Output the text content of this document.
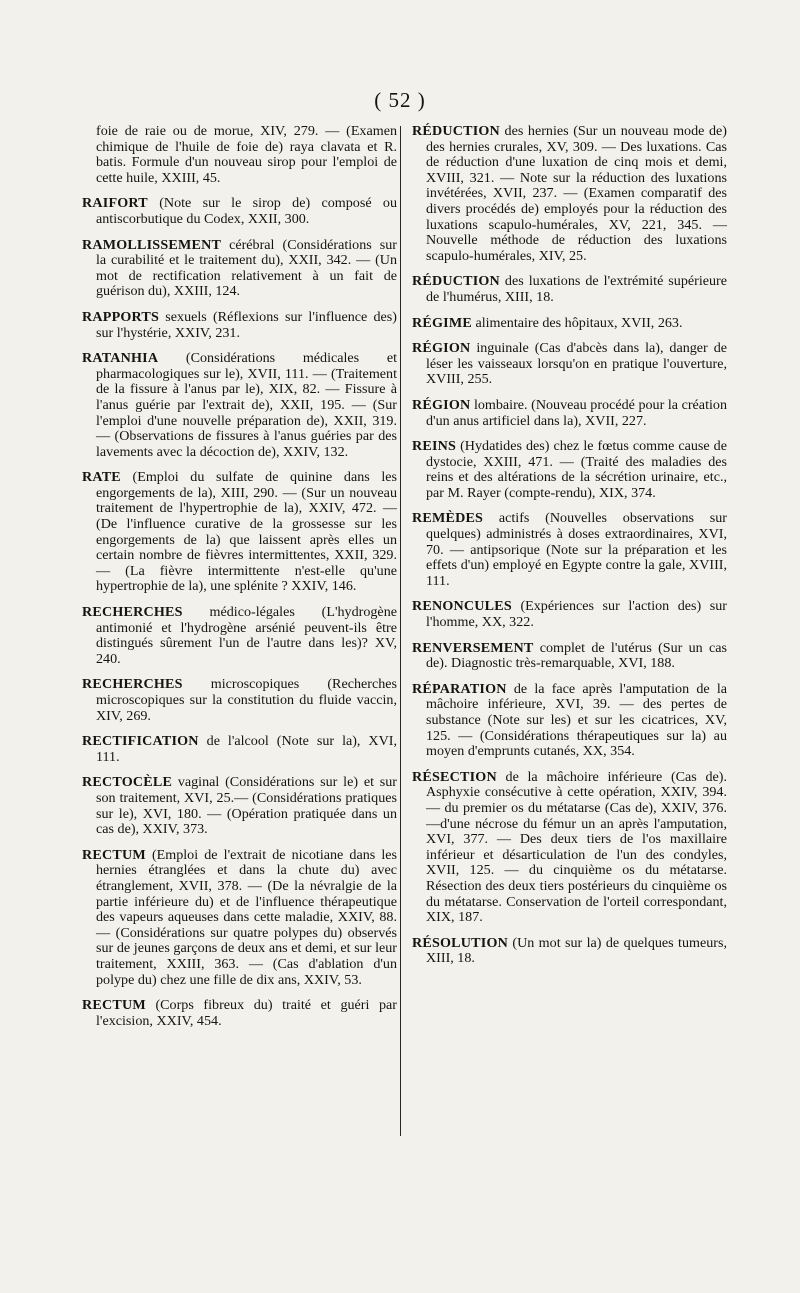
( 52 )

foie de raie ou de morue, XIV, 279. — (Examen chimique de l'huile de foie de) raya clavata et R. batis. Formule d'un nouveau sirop pour l'emploi de cette huile, XXIII, 45.

RAIFORT (Note sur le sirop de) composé ou antiscorbutique du Codex, XXII, 300.

RAMOLLISSEMENT cérébral (Considérations sur la curabilité et le traitement du), XXII, 342. — (Un mot de rectification relativement à un fait de guérison du), XXIII, 124.

RAPPORTS sexuels (Réflexions sur l'influence des) sur l'hystérie, XXIV, 231.

RATANHIA (Considérations médicales et pharmacologiques sur le), XVII, 111. — (Traitement de la fissure à l'anus par le), XIX, 82. — Fissure à l'anus guérie par l'extrait de), XXII, 195. — (Sur l'emploi d'une nouvelle préparation de), XXII, 319. — (Observations de fissures à l'anus guéries par des lavements avec la décoction de), XXIV, 132.

RATE (Emploi du sulfate de quinine dans les engorgements de la), XIII, 290. — (Sur un nouveau traitement de l'hypertrophie de la), XXIV, 472. — (De l'influence curative de la grossesse sur les engorgements de la) que laissent après elles un certain nombre de fièvres intermittentes, XXII, 329.— (La fièvre intermittente n'est-elle qu'une hypertrophie de la), une splénite ? XXIV, 146.

RECHERCHES médico-légales (L'hydrogène antimonié et l'hydrogène arsénié peuvent-ils être distingués sûrement l'un de l'autre dans les)? XV, 240.

RECHERCHES microscopiques (Recherches microscopiques sur la constitution du fluide vaccin, XIV, 269.

RECTIFICATION de l'alcool (Note sur la), XVI, 111.

RECTOCÈLE vaginal (Considérations sur le) et sur son traitement, XVI, 25.— (Considérations pratiques sur le), XVI, 180. — (Opération pratiquée dans un cas de), XXIV, 373.

RECTUM (Emploi de l'extrait de nicotiane dans les hernies étranglées et dans la chute du) avec étranglement, XVII, 378. — (De la névralgie de la partie inférieure du) et de l'influence thérapeutique des vapeurs aqueuses dans cette maladie, XXIV, 88. — (Considérations sur quatre polypes du) observés sur de jeunes garçons de deux ans et demi, et sur leur traitement, XXIII, 363. — (Cas d'ablation d'un polype du) chez une fille de dix ans, XXIV, 53.

RECTUM (Corps fibreux du) traité et guéri par l'excision, XXIV, 454.

RÉDUCTION des hernies (Sur un nouveau mode de) des hernies crurales, XV, 309. — Des luxations. Cas de réduction d'une luxation de cinq mois et demi, XVIII, 321. — Note sur la réduction des luxations invétérées, XVII, 237. — (Examen comparatif des divers procédés de) employés pour la réduction des luxations scapulo-humérales, XV, 221, 345. — Nouvelle méthode de réduction des luxations scapulo-humérales, XIV, 25.

RÉDUCTION des luxations de l'extrémité supérieure de l'humérus, XIII, 18.

RÉGIME alimentaire des hôpitaux, XVII, 263.

RÉGION inguinale (Cas d'abcès dans la), danger de léser les vaisseaux lorsqu'on en pratique l'ouverture, XVIII, 255.

RÉGION lombaire. (Nouveau procédé pour la création d'un anus artificiel dans la), XVII, 227.

REINS (Hydatides des) chez le fœtus comme cause de dystocie, XXIII, 471. — (Traité des maladies des reins et des altérations de la sécrétion urinaire, etc., par M. Rayer (compte-rendu), XIX, 374.

REMÈDES actifs (Nouvelles observations sur quelques) administrés à doses extraordinaires, XVI, 70. — antipsorique (Note sur la préparation et les effets d'un) employé en Egypte contre la gale, XVIII, 111.

RENONCULES (Expériences sur l'action des) sur l'homme, XX, 322.

RENVERSEMENT complet de l'utérus (Sur un cas de). Diagnostic très-remarquable, XVI, 188.

RÉPARATION de la face après l'amputation de la mâchoire inférieure, XVI, 39. — des pertes de substance (Note sur les) et sur les cicatrices, XV, 125. — (Considérations thérapeutiques sur la) au moyen d'emprunts cutanés, XX, 354.

RÉSECTION de la mâchoire inférieure (Cas de). Asphyxie consécutive à cette opération, XXIV, 394. — du premier os du métatarse (Cas de), XXIV, 376.—d'une nécrose du fémur un an après l'amputation, XVI, 377. — Des deux tiers de l'os maxillaire inférieur et désarticulation de l'un des condyles, XVII, 125. — du cinquième os du métatarse. Résection des deux tiers postérieurs du cinquième os du métatarse. Conservation de l'orteil correspondant, XIX, 187.

RÉSOLUTION (Un mot sur la) de quelques tumeurs, XIII, 18.
